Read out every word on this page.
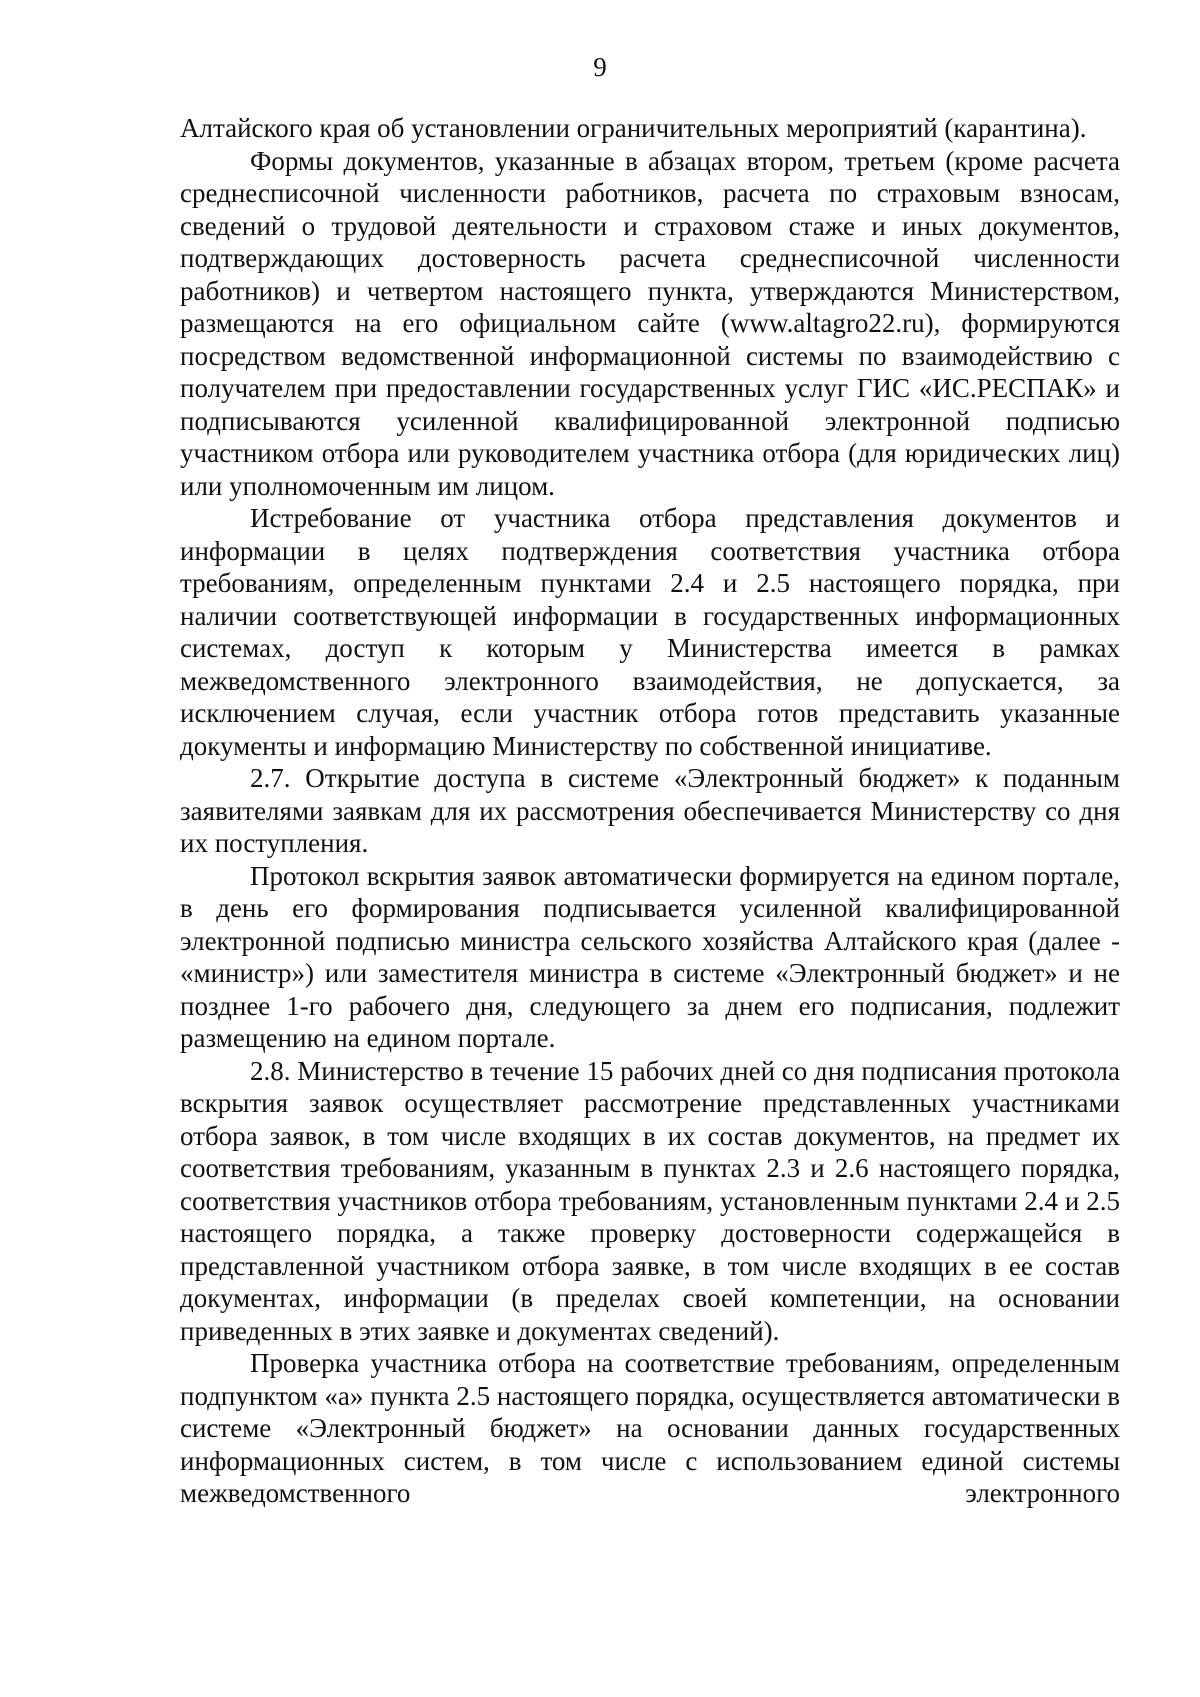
9

Алтайского края об установлении ограничительных мероприятий (карантина).

Формы документов, указанные в абзацах втором, третьем (кроме расчета среднесписочной численности работников, расчета по страховым взносам, сведений о трудовой деятельности и страховом стаже и иных документов, подтверждающих достоверность расчета среднесписочной численности работников) и четвертом настоящего пункта, утверждаются Министерством, размещаются на его официальном сайте (www.altagro22.ru), формируются посредством ведомственной информационной системы по взаимодействию с получателем при предоставлении государственных услуг ГИС «ИС.РЕСПАК» и подписываются усиленной квалифицированной электронной подписью участником отбора или руководителем участника отбора (для юридических лиц) или уполномоченным им лицом.

Истребование от участника отбора представления документов и информации в целях подтверждения соответствия участника отбора требованиям, определенным пунктами 2.4 и 2.5 настоящего порядка, при наличии соответствующей информации в государственных информационных системах, доступ к которым у Министерства имеется в рамках межведомственного электронного взаимодействия, не допускается, за исключением случая, если участник отбора готов представить указанные документы и информацию Министерству по собственной инициативе.

2.7. Открытие доступа в системе «Электронный бюджет» к поданным заявителями заявкам для их рассмотрения обеспечивается Министерству со дня их поступления.

Протокол вскрытия заявок автоматически формируется на едином портале, в день его формирования подписывается усиленной квалифицированной электронной подписью министра сельского хозяйства Алтайского края (далее - «министр») или заместителя министра в системе «Электронный бюджет» и не позднее 1-го рабочего дня, следующего за днем его подписания, подлежит размещению на едином портале.

2.8. Министерство в течение 15 рабочих дней со дня подписания протокола вскрытия заявок осуществляет рассмотрение представленных участниками отбора заявок, в том числе входящих в их состав документов, на предмет их соответствия требованиям, указанным в пунктах 2.3 и 2.6 настоящего порядка, соответствия участников отбора требованиям, установленным пунктами 2.4 и 2.5 настоящего порядка, а также проверку достоверности содержащейся в представленной участником отбора заявке, в том числе входящих в ее состав документах, информации (в пределах своей компетенции, на основании приведенных в этих заявке и документах сведений).

Проверка участника отбора на соответствие требованиям, определенным подпунктом «а» пункта 2.5 настоящего порядка, осуществляется автоматически в системе «Электронный бюджет» на основании данных государственных информационных систем, в том числе с использованием единой системы межведомственного электронного
